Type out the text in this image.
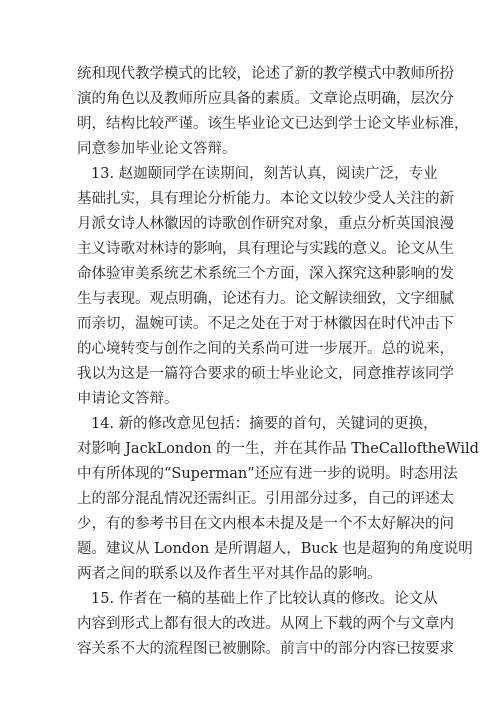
统和现代教学模式的比较，论述了新的教学模式中教师所扮
演的角色以及教师所应具备的素质。文章论点明确，层次分
明，结构比较严谨。该生毕业论文已达到学士论文毕业标准，
同意参加毕业论文答辩。
13. 赵迦颐同学在读期间，刻苦认真，阅读广泛，专业
基础扎实，具有理论分析能力。本论文以较少受人关注的新
月派女诗人林徽因的诗歌创作研究对象，重点分析英国浪漫
主义诗歌对林诗的影响，具有理论与实践的意义。论文从生
命体验审美系统艺术系统三个方面，深入探究这种影响的发
生与表现。观点明确，论述有力。论文解读细致，文字细腻
而亲切，温婉可读。不足之处在于对于林徽因在时代冲击下
的心境转变与创作之间的关系尚可进一步展开。总的说来，
我以为这是一篇符合要求的硕士毕业论文，同意推荐该同学
申请论文答辩。
14. 新的修改意见包括：摘要的首句，关键词的更换，
对影响 JackLondon 的一生，并在其作品 TheCalloftheWild
中有所体现的“Superman”还应有进一步的说明。时态用法
上的部分混乱情况还需纠正。引用部分过多，自己的评述太
少，有的参考书目在文内根本未提及是一个不太好解决的问
题。建议从 London 是所谓超人，Buck 也是超狗的角度说明
两者之间的联系以及作者生平对其作品的影响。
15. 作者在一稿的基础上作了比较认真的修改。论文从
内容到形式上都有很大的改进。从网上下载的两个与文章内
容关系不大的流程图已被删除。前言中的部分内容已按要求
